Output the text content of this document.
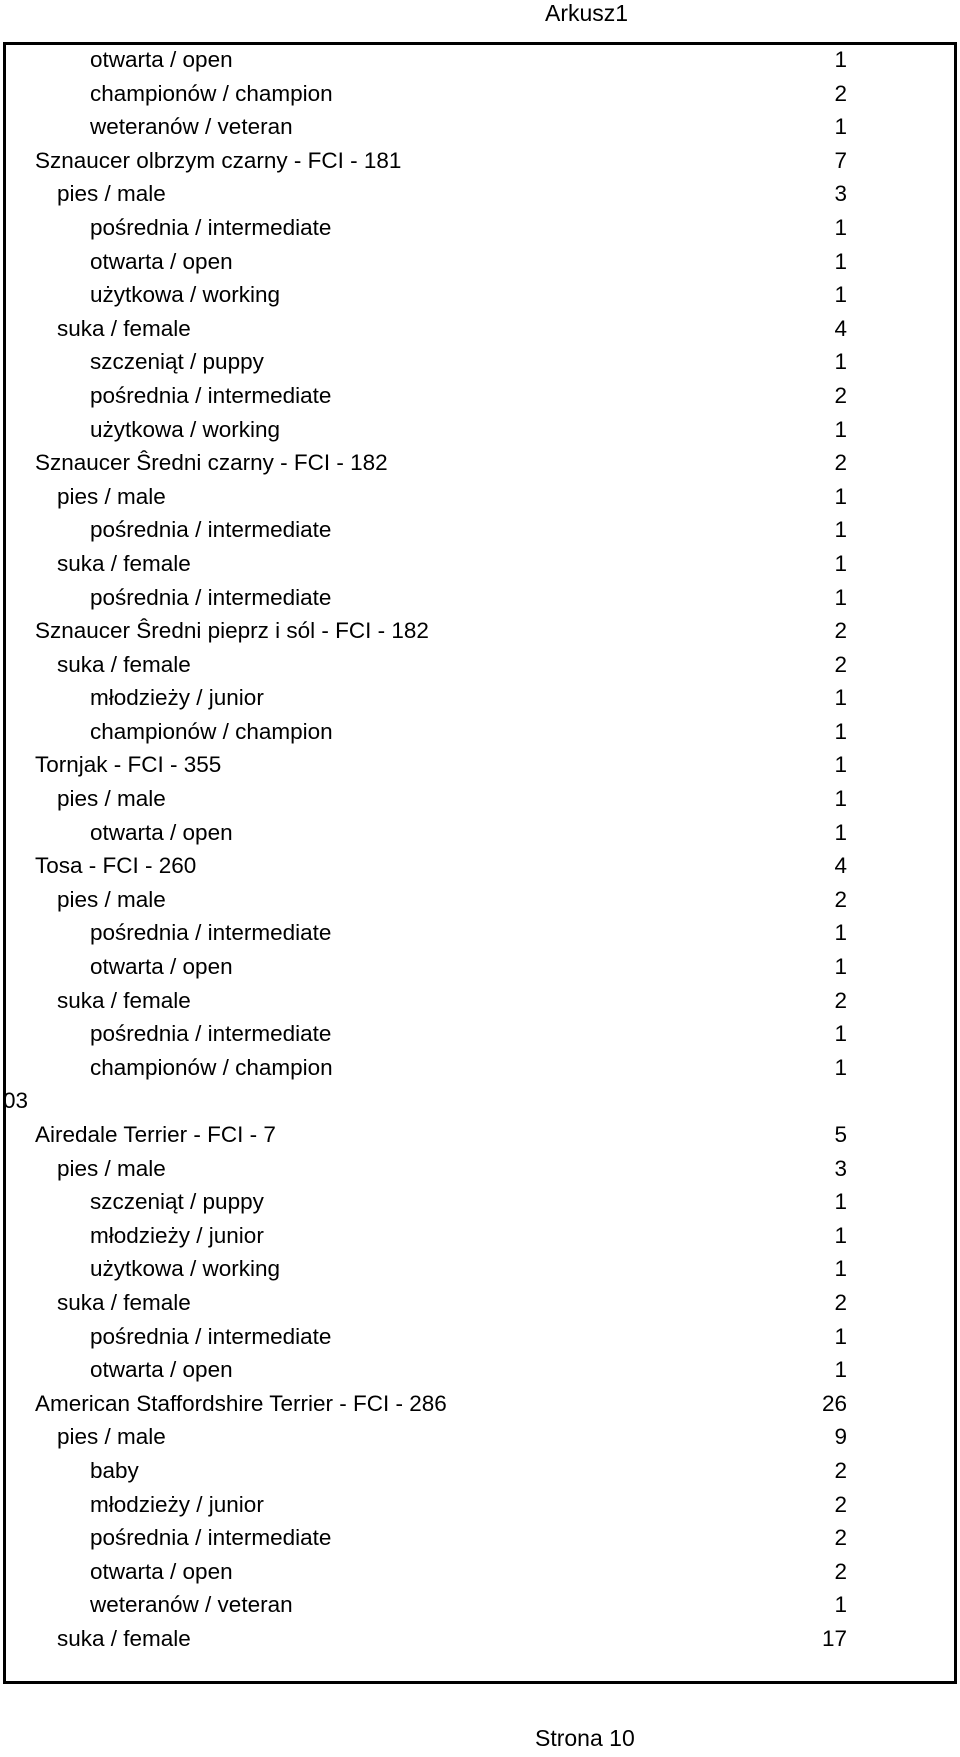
Arkusz1
otwarta / open	1
championów / champion	2
weteranów / veteran	1
Sznaucer olbrzym czarny - FCI - 181	7
pies / male	3
pośrednia / intermediate	1
otwarta / open	1
użytkowa / working	1
suka / female	4
szczeniąt / puppy	1
pośrednia / intermediate	2
użytkowa / working	1
Sznaucer Ŝredni czarny - FCI - 182	2
pies / male	1
pośrednia / intermediate	1
suka / female	1
pośrednia / intermediate	1
Sznaucer Ŝredni pieprz i sól - FCI - 182	2
suka / female	2
młodzieży / junior	1
championów / champion	1
Tornjak - FCI - 355	1
pies / male	1
otwarta / open	1
Tosa - FCI - 260	4
pies / male	2
pośrednia / intermediate	1
otwarta / open	1
suka / female	2
pośrednia / intermediate	1
championów / champion	1
03
Airedale Terrier - FCI - 7	5
pies / male	3
szczeniąt / puppy	1
młodzieży / junior	1
użytkowa / working	1
suka / female	2
pośrednia / intermediate	1
otwarta / open	1
American Staffordshire Terrier - FCI - 286	26
pies / male	9
baby	2
młodzieży / junior	2
pośrednia / intermediate	2
otwarta / open	2
weteranów / veteran	1
suka / female	17
Strona 10
